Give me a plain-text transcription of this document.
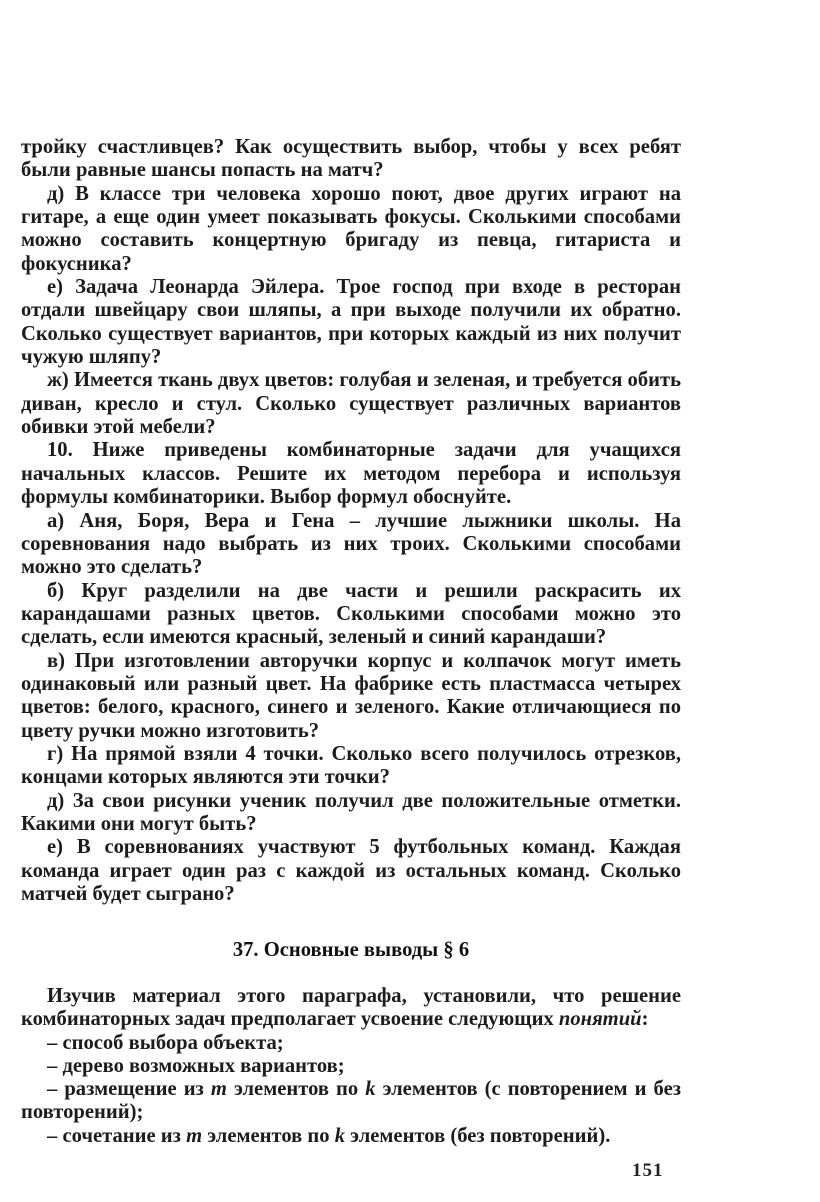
тройку счастливцев? Как осуществить выбор, чтобы у всех ребят были равные шансы попасть на матч?

д) В классе три человека хорошо поют, двое других играют на гитаре, а еще один умеет показывать фокусы. Сколькими способами можно составить концертную бригаду из певца, гитариста и фокусника?

е) Задача Леонарда Эйлера. Трое господ при входе в ресторан отдали швейцару свои шляпы, а при выходе получили их обратно. Сколько существует вариантов, при которых каждый из них получит чужую шляпу?

ж) Имеется ткань двух цветов: голубая и зеленая, и требуется обить диван, кресло и стул. Сколько существует различных вариантов обивки этой мебели?

10. Ниже приведены комбинаторные задачи для учащихся начальных классов. Решите их методом перебора и используя формулы комбинаторики. Выбор формул обоснуйте.

а) Аня, Боря, Вера и Гена – лучшие лыжники школы. На соревнования надо выбрать из них троих. Сколькими способами можно это сделать?

б) Круг разделили на две части и решили раскрасить их карандашами разных цветов. Сколькими способами можно это сделать, если имеются красный, зеленый и синий карандаши?

в) При изготовлении авторучки корпус и колпачок могут иметь одинаковый или разный цвет. На фабрике есть пластмасса четырех цветов: белого, красного, синего и зеленого. Какие отличающиеся по цвету ручки можно изготовить?

г) На прямой взяли 4 точки. Сколько всего получилось отрезков, концами которых являются эти точки?

д) За свои рисунки ученик получил две положительные отметки. Какими они могут быть?

е) В соревнованиях участвуют 5 футбольных команд. Каждая команда играет один раз с каждой из остальных команд. Сколько матчей будет сыграно?

37. Основные выводы § 6

Изучив материал этого параграфа, установили, что решение комбинаторных задач предполагает усвоение следующих понятий:

– способ выбора объекта;

– дерево возможных вариантов;

– размещение из m элементов по k элементов (с повторением и без повторений);

– сочетание из m элементов по k элементов (без повторений).

151
